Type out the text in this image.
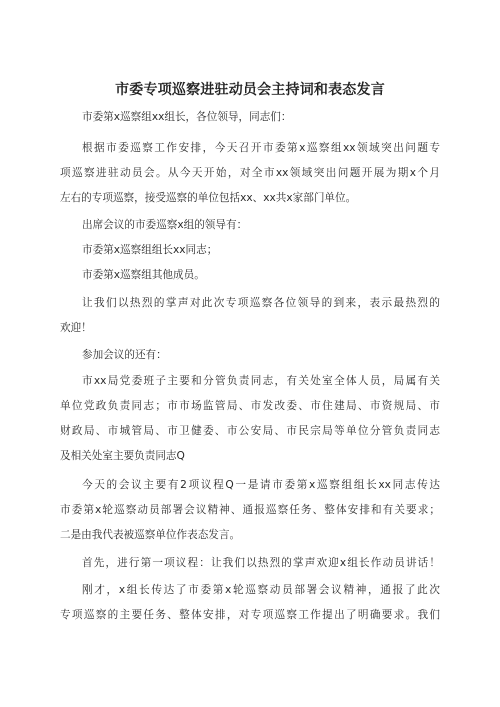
市委专项巡察进驻动员会主持词和表态发言
市委第x巡察组xx组长，各位领导，同志们：
根据市委巡察工作安排，今天召开市委第x巡察组xx领域突出问题专
项巡察进驻动员会。从今天开始，对全市xx领域突出问题开展为期x个月
左右的专项巡察，接受巡察的单位包括xx、xx共x家部门单位。
出席会议的市委巡察x组的领导有：
市委第x巡察组组长xx同志；
市委第x巡察组其他成员。
让我们以热烈的掌声对此次专项巡察各位领导的到来，表示最热烈的
欢迎！
参加会议的还有：
市xx局党委班子主要和分管负责同志，有关处室全体人员，局属有关
单位党政负责同志；市市场监管局、市发改委、市住建局、市资规局、市
财政局、市城管局、市卫健委、市公安局、市民宗局等单位分管负责同志
及相关处室主要负责同志Q
今天的会议主要有2项议程Q一是请市委第x巡察组组长xx同志传达
市委第x轮巡察动员部署会议精神、通报巡察任务、整体安排和有关要求；
二是由我代表被巡察单位作表态发言。
首先，进行第一项议程：让我们以热烈的掌声欢迎x组长作动员讲话！
刚才，x组长传达了市委第x轮巡察动员部署会议精神，通报了此次
专项巡察的主要任务、整体安排，对专项巡察工作提出了明确要求。我们
